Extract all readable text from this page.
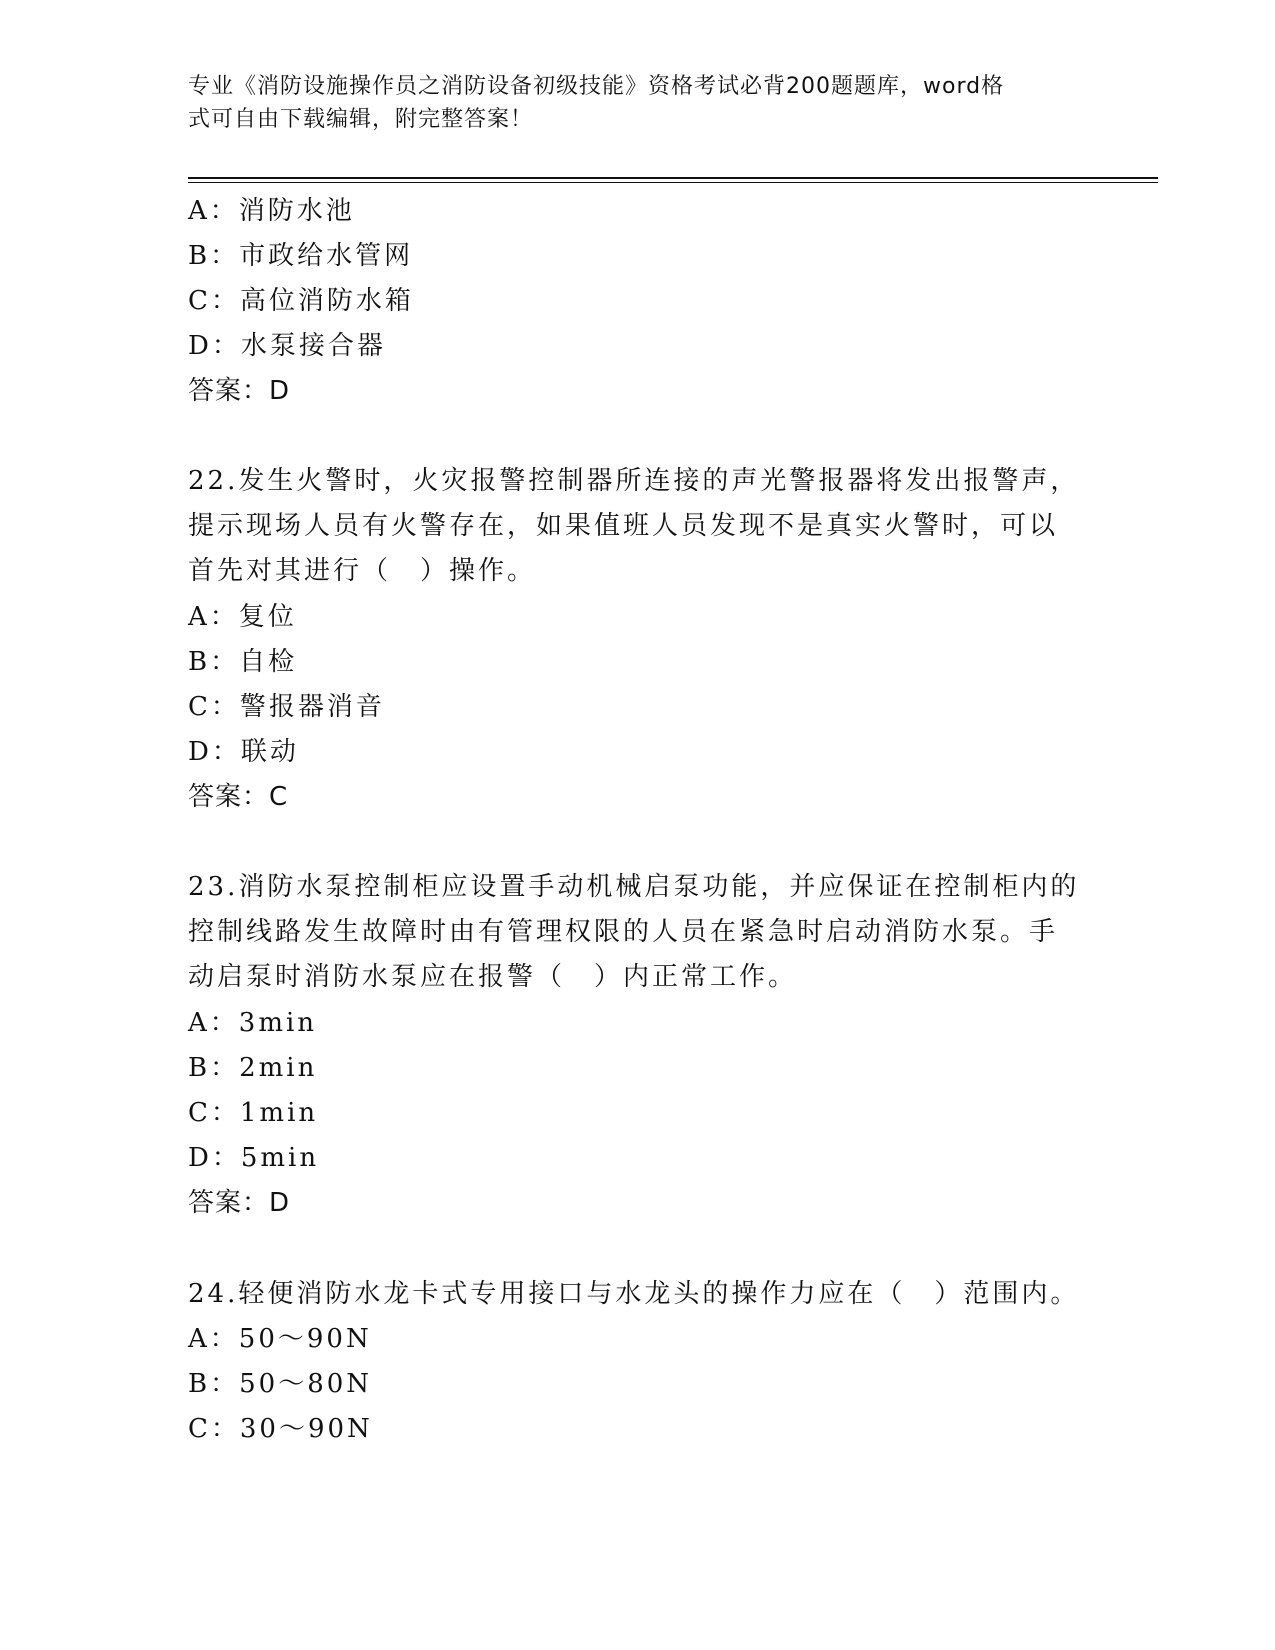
专业《消防设施操作员之消防设备初级技能》资格考试必背200题题库，word格
式可自由下载编辑，附完整答案！
A：消防水池
B：市政给水管网
C：高位消防水箱
D：水泵接合器
答案：D
22.发生火警时，火灾报警控制器所连接的声光警报器将发出报警声，
提示现场人员有火警存在，如果值班人员发现不是真实火警时，可以
首先对其进行（　）操作。
A：复位
B：自检
C：警报器消音
D：联动
答案：C
23.消防水泵控制柜应设置手动机械启泵功能，并应保证在控制柜内的
控制线路发生故障时由有管理权限的人员在紧急时启动消防水泵。手
动启泵时消防水泵应在报警（　）内正常工作。
A：3min
B：2min
C：1min
D：5min
答案：D
24.轻便消防水龙卡式专用接口与水龙头的操作力应在（　）范围内。
A：50～90N
B：50～80N
C：30～90N
